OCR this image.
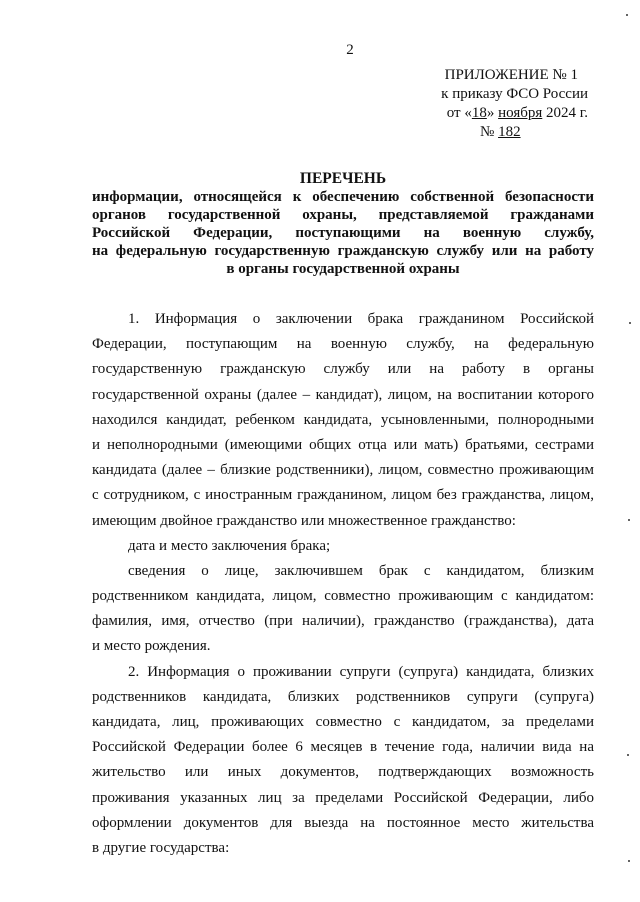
2
ПРИЛОЖЕНИЕ № 1
к приказу ФСО России
от «18» ноября 2024 г.
№ 182
ПЕРЕЧЕНЬ
информации, относящейся к обеспечению собственной безопасности
органов государственной охраны, представляемой гражданами
Российской Федерации, поступающими на военную службу,
на федеральную государственную гражданскую службу или на работу
в органы государственной охраны
1. Информация о заключении брака гражданином Российской
Федерации, поступающим на военную службу, на федеральную
государственную гражданскую службу или на работу в органы
государственной охраны (далее – кандидат), лицом, на воспитании которого
находился кандидат, ребенком кандидата, усыновленными, полнородными
и неполнородными (имеющими общих отца или мать) братьями, сестрами
кандидата (далее – близкие родственники), лицом, совместно проживающим
с сотрудником, с иностранным гражданином, лицом без гражданства, лицом,
имеющим двойное гражданство или множественное гражданство:
дата и место заключения брака;
сведения о лице, заключившем брак с кандидатом, близким
родственником кандидата, лицом, совместно проживающим с кандидатом:
фамилия, имя, отчество (при наличии), гражданство (гражданства), дата
и место рождения.
2. Информация о проживании супруги (супруга) кандидата, близких
родственников кандидата, близких родственников супруги (супруга)
кандидата, лиц, проживающих совместно с кандидатом, за пределами
Российской Федерации более 6 месяцев в течение года, наличии вида на
жительство или иных документов, подтверждающих возможность
проживания указанных лиц за пределами Российской Федерации, либо
оформлении документов для выезда на постоянное место жительства
в другие государства:
